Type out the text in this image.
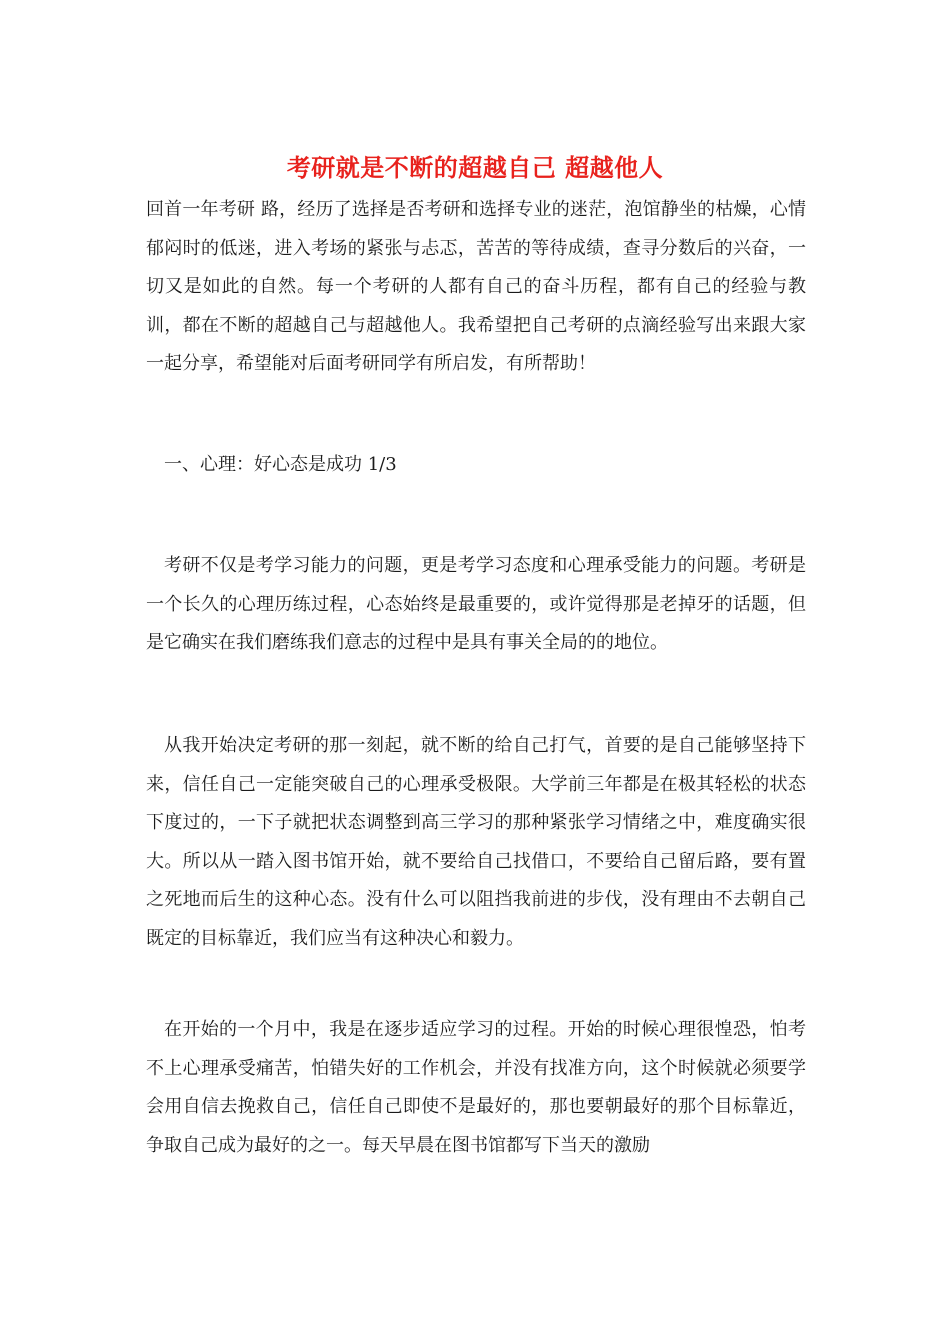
考研就是不断的超越自己 超越他人

回首一年考研 路，经历了选择是否考研和选择专业的迷茫，泡馆静坐的枯燥，心情郁闷时的低迷，进入考场的紧张与忐忑，苦苦的等待成绩，查寻分数后的兴奋，一切又是如此的自然。每一个考研的人都有自己的奋斗历程，都有自己的经验与教训，都在不断的超越自己与超越他人。我希望把自己考研的点滴经验写出来跟大家一起分享，希望能对后面考研同学有所启发，有所帮助！

一、心理：好心态是成功 1/3

考研不仅是考学习能力的问题，更是考学习态度和心理承受能力的问题。考研是一个长久的心理历练过程，心态始终是最重要的，或许觉得那是老掉牙的话题，但是它确实在我们磨练我们意志的过程中是具有事关全局的的地位。

从我开始决定考研的那一刻起，就不断的给自己打气，首要的是自己能够坚持下来，信任自己一定能突破自己的心理承受极限。大学前三年都是在极其轻松的状态下度过的，一下子就把状态调整到高三学习的那种紧张学习情绪之中，难度确实很大。所以从一踏入图书馆开始，就不要给自己找借口，不要给自己留后路，要有置之死地而后生的这种心态。没有什么可以阻挡我前进的步伐，没有理由不去朝自己既定的目标靠近，我们应当有这种决心和毅力。

在开始的一个月中，我是在逐步适应学习的过程。开始的时候心理很惶恐，怕考不上心理承受痛苦，怕错失好的工作机会，并没有找准方向，这个时候就必须要学会用自信去挽救自己，信任自己即使不是最好的，那也要朝最好的那个目标靠近，争取自己成为最好的之一。每天早晨在图书馆都写下当天的激励
